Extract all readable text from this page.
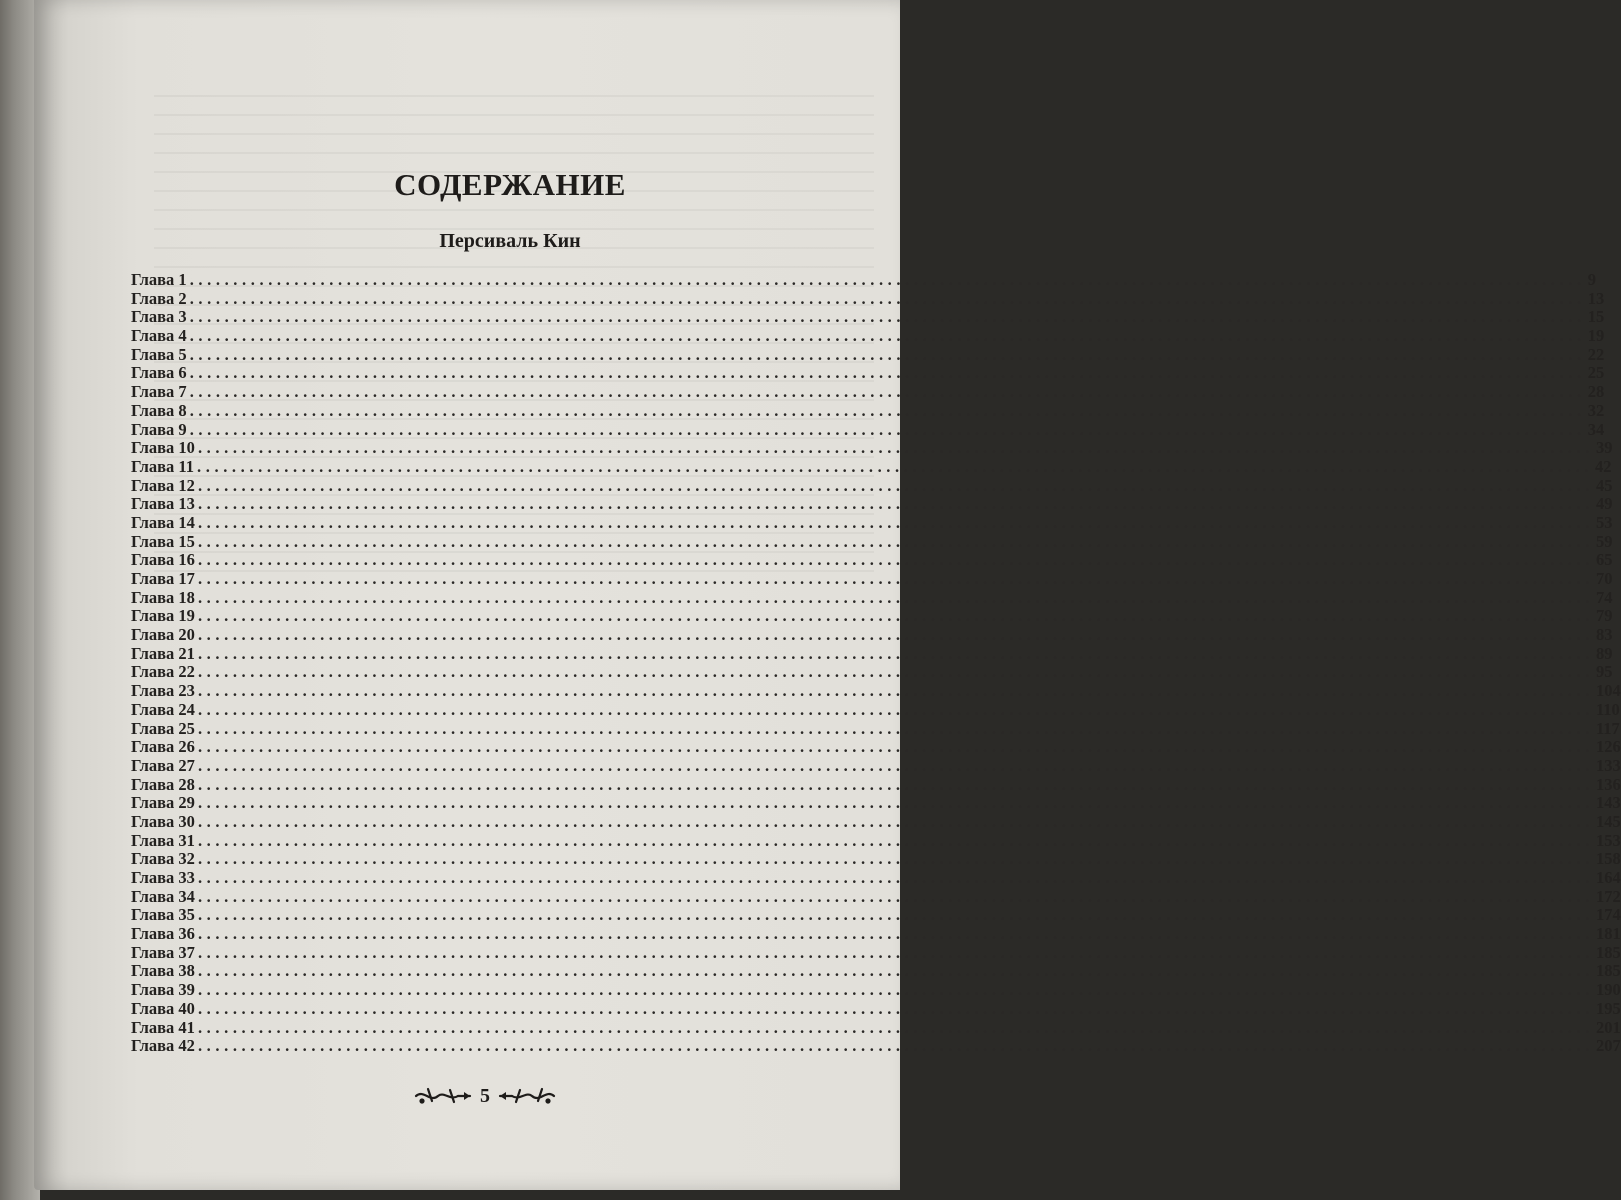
СОДЕРЖАНИЕ
Персиваль Кин
Глава 1 ................................................................................................................................................................ 9
Глава 2 ................................................................................................................................................................ 13
Глава 3 ................................................................................................................................................................ 15
Глава 4 ................................................................................................................................................................ 19
Глава 5 ................................................................................................................................................................ 22
Глава 6 ................................................................................................................................................................ 25
Глава 7 ................................................................................................................................................................ 28
Глава 8 ................................................................................................................................................................ 32
Глава 9 ................................................................................................................................................................ 34
Глава 10 ................................................................................................................................................................ 39
Глава 11 ................................................................................................................................................................ 42
Глава 12 ................................................................................................................................................................ 45
Глава 13 ................................................................................................................................................................ 49
Глава 14 ................................................................................................................................................................ 53
Глава 15 ................................................................................................................................................................ 59
Глава 16 ................................................................................................................................................................ 65
Глава 17 ................................................................................................................................................................ 70
Глава 18 ................................................................................................................................................................ 74
Глава 19 ................................................................................................................................................................ 79
Глава 20 ................................................................................................................................................................ 83
Глава 21 ................................................................................................................................................................ 89
Глава 22 ................................................................................................................................................................ 95
Глава 23 ................................................................................................................................................................ 104
Глава 24 ................................................................................................................................................................ 110
Глава 25 ................................................................................................................................................................ 117
Глава 26 ................................................................................................................................................................ 126
Глава 27 ................................................................................................................................................................ 133
Глава 28 ................................................................................................................................................................ 136
Глава 29 ................................................................................................................................................................ 143
Глава 30 ................................................................................................................................................................ 145
Глава 31 ................................................................................................................................................................ 153
Глава 32 ................................................................................................................................................................ 158
Глава 33 ................................................................................................................................................................ 164
Глава 34 ................................................................................................................................................................ 172
Глава 35 ................................................................................................................................................................ 174
Глава 36 ................................................................................................................................................................ 181
Глава 37 ................................................................................................................................................................ 185
Глава 38 ................................................................................................................................................................ 185
Глава 39 ................................................................................................................................................................ 190
Глава 40 ................................................................................................................................................................ 195
Глава 41 ................................................................................................................................................................ 201
Глава 42 ................................................................................................................................................................ 207
5
